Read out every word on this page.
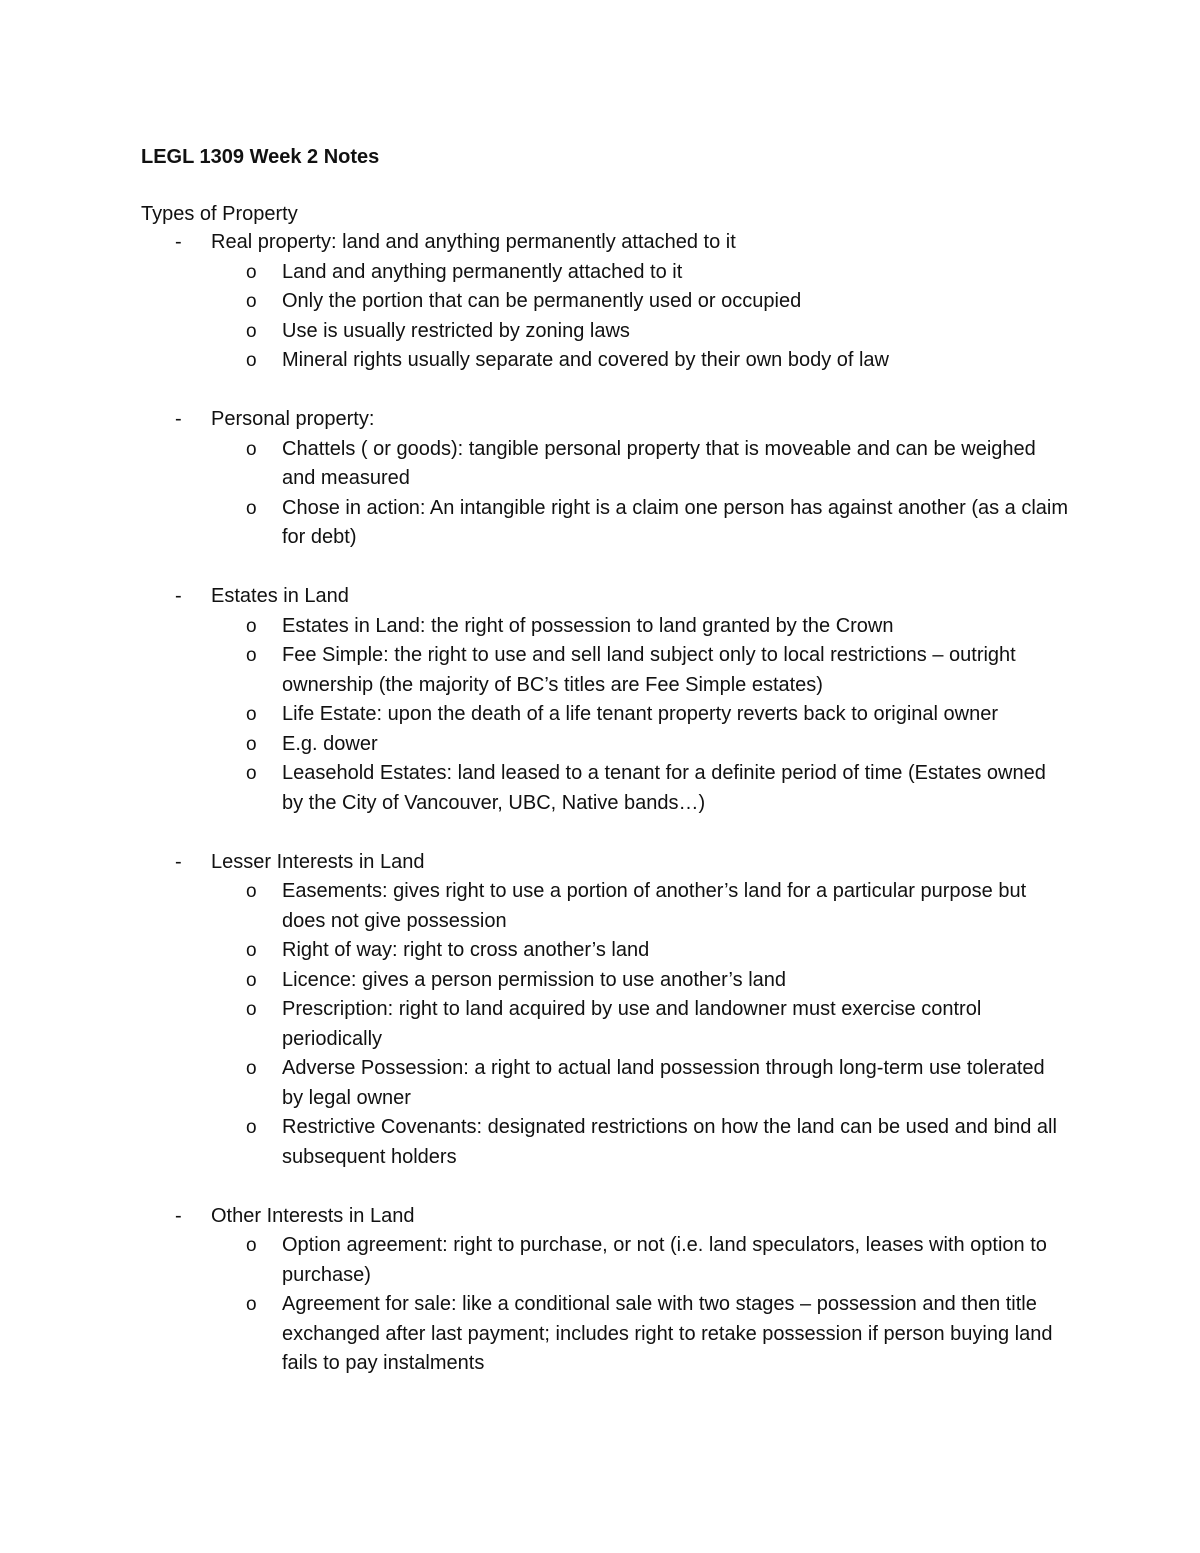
LEGL 1309 Week 2 Notes

Types of Property

- Real property: land and anything permanently attached to it
o Land and anything permanently attached to it
o Only the portion that can be permanently used or occupied
o Use is usually restricted by zoning laws
o Mineral rights usually separate and covered by their own body of law
- Personal property:
o Chattels ( or goods): tangible personal property that is moveable and can be weighed and measured
o Chose in action: An intangible right is a claim one person has against another (as a claim for debt)
- Estates in Land
o Estates in Land: the right of possession to land granted by the Crown
o Fee Simple: the right to use and sell land subject only to local restrictions – outright ownership (the majority of BC’s titles are Fee Simple estates)
o Life Estate: upon the death of a life tenant property reverts back to original owner
o E.g. dower
o Leasehold Estates: land leased to a tenant for a definite period of time (Estates owned by the City of Vancouver, UBC, Native bands…)
- Lesser Interests in Land
o Easements: gives right to use a portion of another’s land for a particular purpose but does not give possession
o Right of way: right to cross another’s land
o Licence: gives a person permission to use another’s land
o Prescription: right to land acquired by use and landowner must exercise control periodically
o Adverse Possession: a right to actual land possession through long-term use tolerated by legal owner
o Restrictive Covenants: designated restrictions on how the land can be used and bind all subsequent holders
- Other Interests in Land
o Option agreement: right to purchase, or not (i.e. land speculators, leases with option to purchase)
o Agreement for sale: like a conditional sale with two stages – possession and then title exchanged after last payment; includes right to retake possession if person buying land fails to pay instalments
